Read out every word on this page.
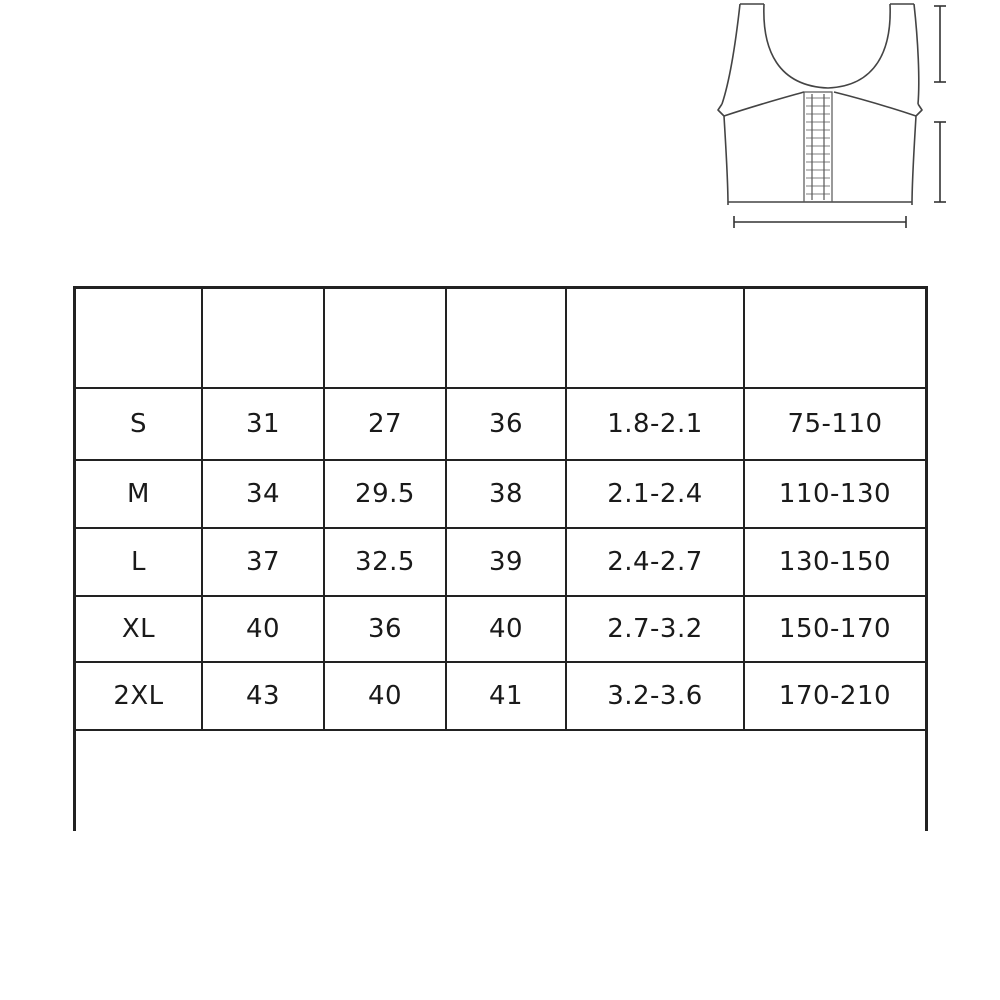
S	31	27	36	1.8-2.1	75-110
M	34	29.5	38	2.1-2.4	110-130
L	37	32.5	39	2.4-2.7	130-150
XL	40	36	40	2.7-3.2	150-170
2XL	43	40	41	3.2-3.6	170-210
